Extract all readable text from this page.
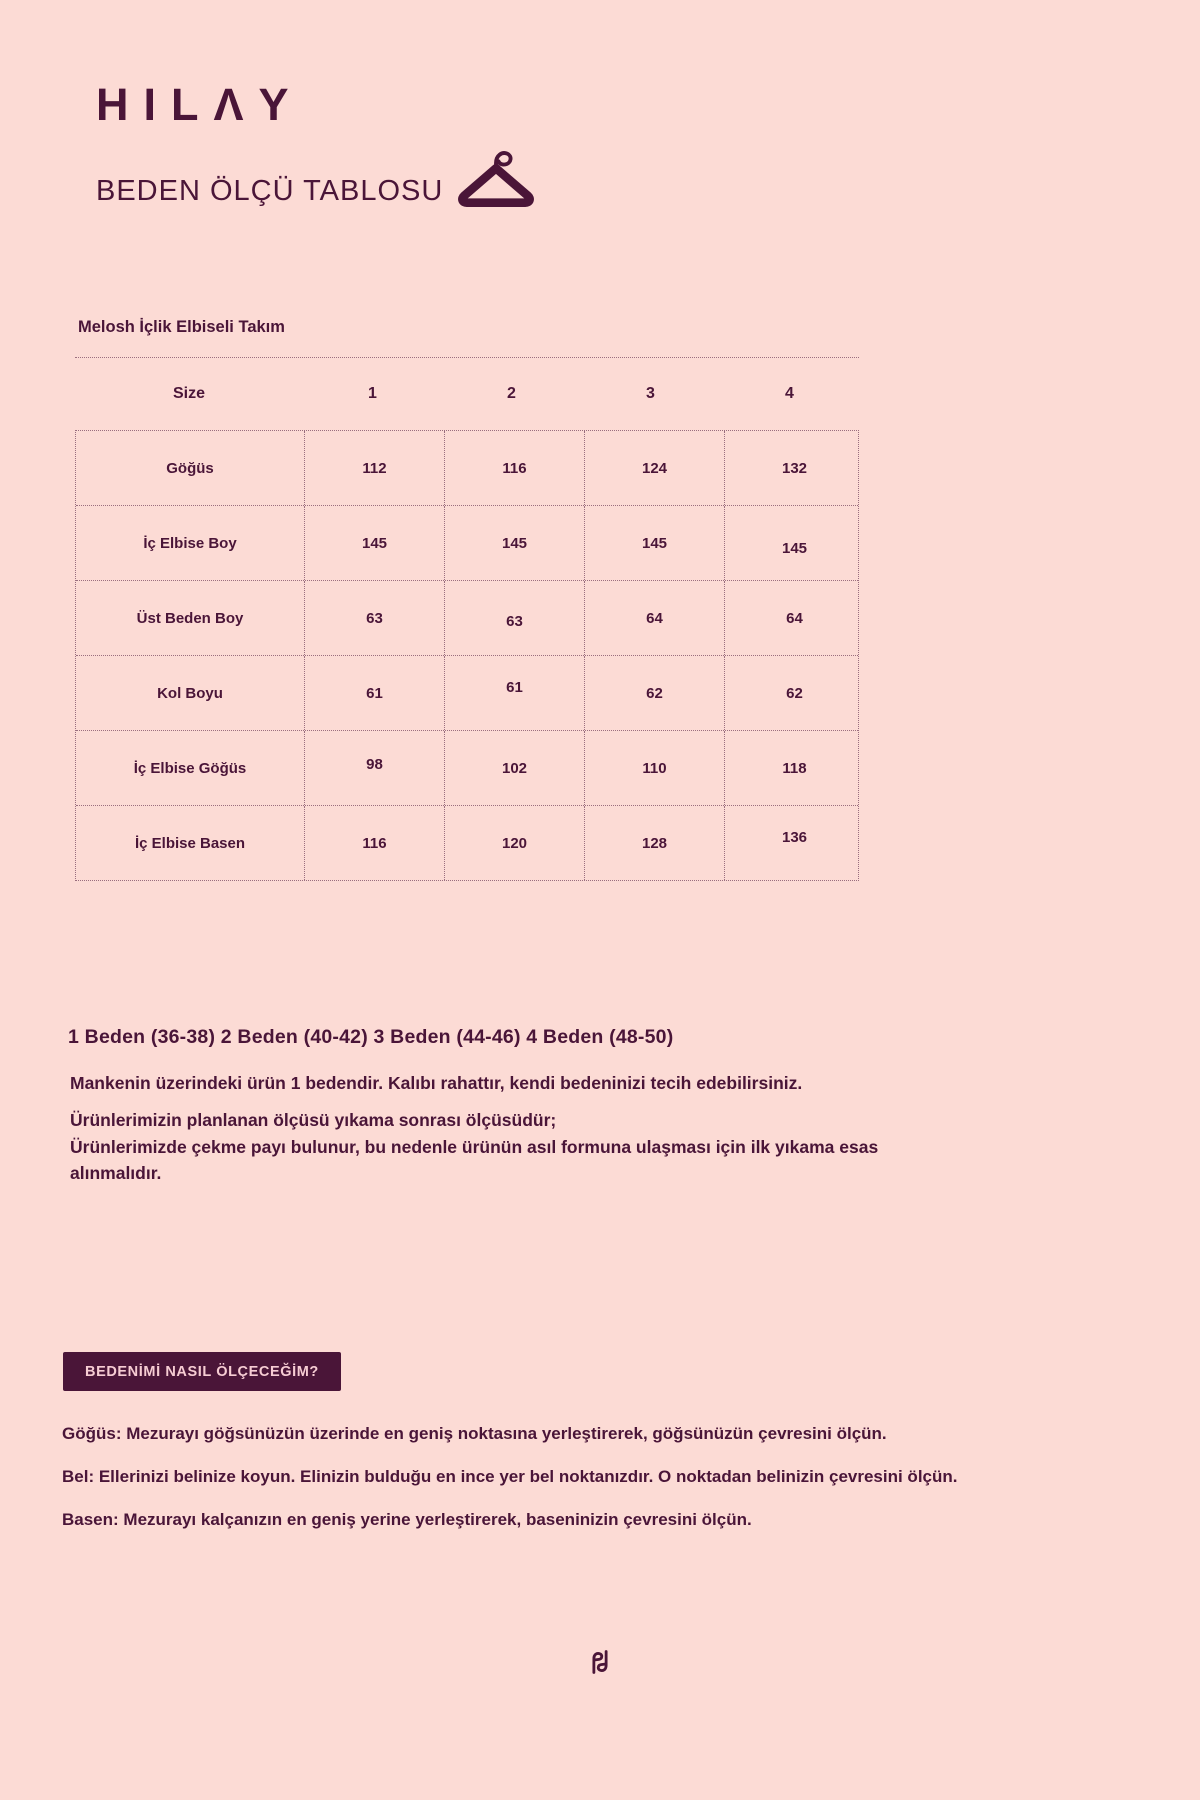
HILΛY
BEDEN ÖLÇÜ TABLOSU
Melosh İçlik Elbiseli Takım
Size	1	2	3	4
Göğüs	112	116	124	132
İç Elbise Boy	145	145	145	145
Üst Beden Boy	63	63	64	64
Kol Boyu	61	61	62	62
İç Elbise Göğüs	98	102	110	118
İç Elbise Basen	116	120	128	136
1 Beden (36-38) 2 Beden (40-42) 3 Beden (44-46) 4 Beden (48-50)

Mankenin üzerindeki ürün 1 bedendir. Kalıbı rahattır, kendi bedeninizi tecih edebilirsiniz.

Ürünlerimizin planlanan ölçüsü yıkama sonrası ölçüsüdür;

Ürünlerimizde çekme payı bulunur, bu nedenle ürünün asıl formuna ulaşması için ilk yıkama esas alınmalıdır.

BEDENİMİ NASIL ÖLÇECEĞİM?

Göğüs: Mezurayı göğsünüzün üzerinde en geniş noktasına yerleştirerek, göğsünüzün çevresini ölçün.

Bel: Ellerinizi belinize koyun. Elinizin bulduğu en ince yer bel noktanızdır. O noktadan belinizin çevresini ölçün.

Basen: Mezurayı kalçanızın en geniş yerine yerleştirerek, baseninizin çevresini ölçün.
